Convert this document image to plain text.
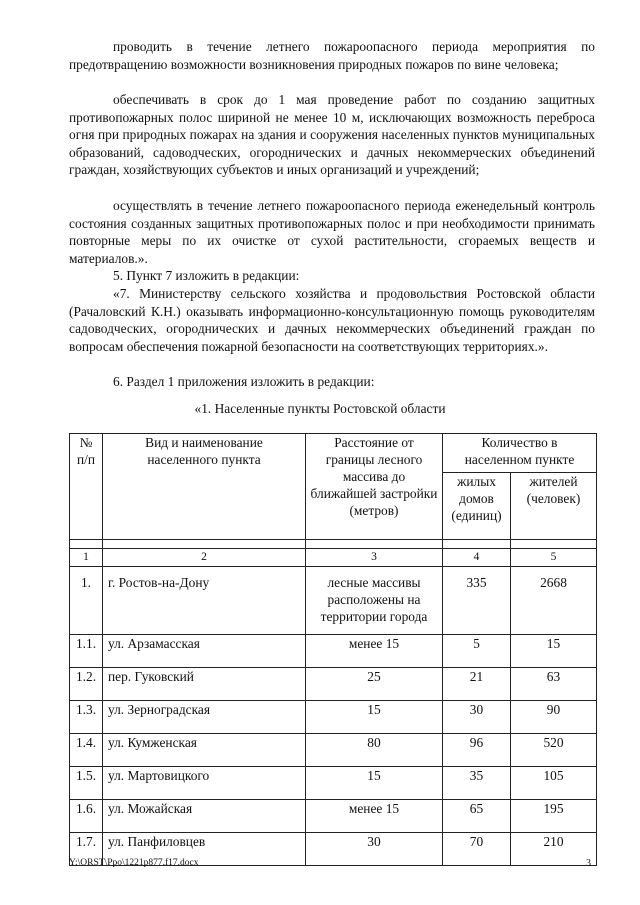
проводить в течение летнего пожароопасного периода мероприятия по предотвращению возможности возникновения природных пожаров по вине человека;

обеспечивать в срок до 1 мая проведение работ по созданию защитных противопожарных полос шириной не менее 10 м, исключающих возможность переброса огня при природных пожарах на здания и сооружения населенных пунктов муниципальных образований, садоводческих, огороднических и дачных некоммерческих объединений граждан, хозяйствующих субъектов и иных организаций и учреждений;

осуществлять в течение летнего пожароопасного периода еженедельный контроль состояния созданных защитных противопожарных полос и при необходимости принимать повторные меры по их очистке от сухой растительности, сгораемых веществ и материалов.».

5. Пункт 7 изложить в редакции:

«7. Министерству сельского хозяйства и продовольствия Ростовской области (Рачаловский К.Н.) оказывать информационно-консультационную помощь руководителям садоводческих, огороднических и дачных некоммерческих объединений граждан по вопросам обеспечения пожарной безопасности на соответствующих территориях.».

6. Раздел 1 приложения изложить в редакции:

«1. Населенные пункты Ростовской области
№ п/п	Вид и наименование населенного пункта	Расстояние от границы лесного массива до ближайшей застройки (метров)	Количество в населенном пункте	
			жилых домов (единиц)	жителей (человек)

1	2	3	4	5
1.	г. Ростов-на-Дону	лесные массивы расположены на территории города	335	2668
1.1.	ул. Арзамасская	менее 15	5	15
1.2.	пер. Гуковский	25	21	63
1.3.	ул. Зерноградская	15	30	90
1.4.	ул. Кумженская	80	96	520
1.5.	ул. Мартовицкого	15	35	105
1.6.	ул. Можайская	менее 15	65	195
1.7.	ул. Панфиловцев	30	70	210
Y:\ORST\Ppo\1221p877.f17.docx	3
